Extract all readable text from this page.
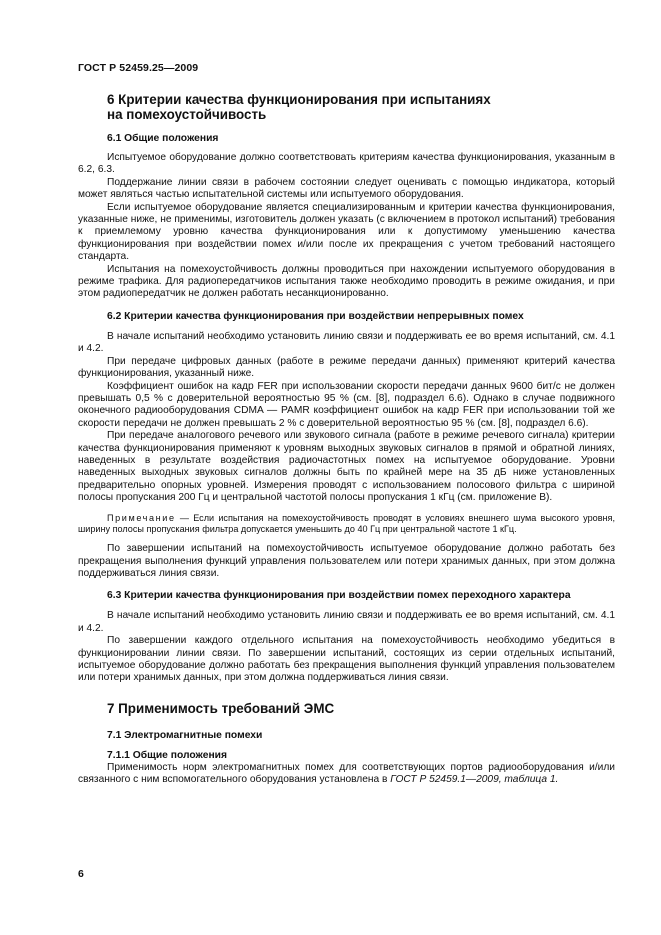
ГОСТ Р 52459.25—2009
6 Критерии качества функционирования при испытаниях
на помехоустойчивость
6.1 Общие положения

Испытуемое оборудование должно соответствовать критериям качества функционирования, указанным в 6.2, 6.3.

Поддержание линии связи в рабочем состоянии следует оценивать с помощью индикатора, который может являться частью испытательной системы или испытуемого оборудования.

Если испытуемое оборудование является специализированным и критерии качества функционирования, указанные ниже, не применимы, изготовитель должен указать (с включением в протокол испытаний) требования к приемлемому уровню качества функционирования или к допустимому уменьшению качества функционирования при воздействии помех и/или после их прекращения с учетом требований настоящего стандарта.

Испытания на помехоустойчивость должны проводиться при нахождении испытуемого оборудования в режиме трафика. Для радиопередатчиков испытания также необходимо проводить в режиме ожидания, и при этом радиопередатчик не должен работать несанкционированно.

6.2 Критерии качества функционирования при воздействии непрерывных помех

В начале испытаний необходимо установить линию связи и поддерживать ее во время испытаний, см. 4.1 и 4.2.

При передаче цифровых данных (работе в режиме передачи данных) применяют критерий качества функционирования, указанный ниже.

Коэффициент ошибок на кадр FER при использовании скорости передачи данных 9600 бит/с не должен превышать 0,5 % с доверительной вероятностью 95 % (см. [8], подраздел 6.6). Однако в случае подвижного оконечного радиооборудования CDMA — PAMR коэффициент ошибок на кадр FER при использовании той же скорости передачи не должен превышать 2 % с доверительной вероятностью 95 % (см. [8], подраздел 6.6).

При передаче аналогового речевого или звукового сигнала (работе в режиме речевого сигнала) критерии качества функционирования применяют к уровням выходных звуковых сигналов в прямой и обратной линиях, наведенных в результате воздействия радиочастотных помех на испытуемое оборудование. Уровни наведенных выходных звуковых сигналов должны быть по крайней мере на 35 дБ ниже установленных предварительно опорных уровней. Измерения проводят с использованием полосового фильтра с шириной полосы пропускания 200 Гц и центральной частотой полосы пропускания 1 кГц (см. приложение В).

Примечание — Если испытания на помехоустойчивость проводят в условиях внешнего шума высокого уровня, ширину полосы пропускания фильтра допускается уменьшить до 40 Гц при центральной частоте 1 кГц.

По завершении испытаний на помехоустойчивость испытуемое оборудование должно работать без прекращения выполнения функций управления пользователем или потери хранимых данных, при этом должна поддерживаться линия связи.

6.3 Критерии качества функционирования при воздействии помех переходного характера

В начале испытаний необходимо установить линию связи и поддерживать ее во время испытаний, см. 4.1 и 4.2.

По завершении каждого отдельного испытания на помехоустойчивость необходимо убедиться в функционировании линии связи. По завершении испытаний, состоящих из серии отдельных испытаний, испытуемое оборудование должно работать без прекращения выполнения функций управления пользователем или потери хранимых данных, при этом должна поддерживаться линия связи.

7 Применимость требований ЭМС
7.1 Электромагнитные помехи
7.1.1 Общие положения

Применимость норм электромагнитных помех для соответствующих портов радиооборудования и/или связанного с ним вспомогательного оборудования установлена в ГОСТ Р 52459.1—2009, таблица 1.

6
